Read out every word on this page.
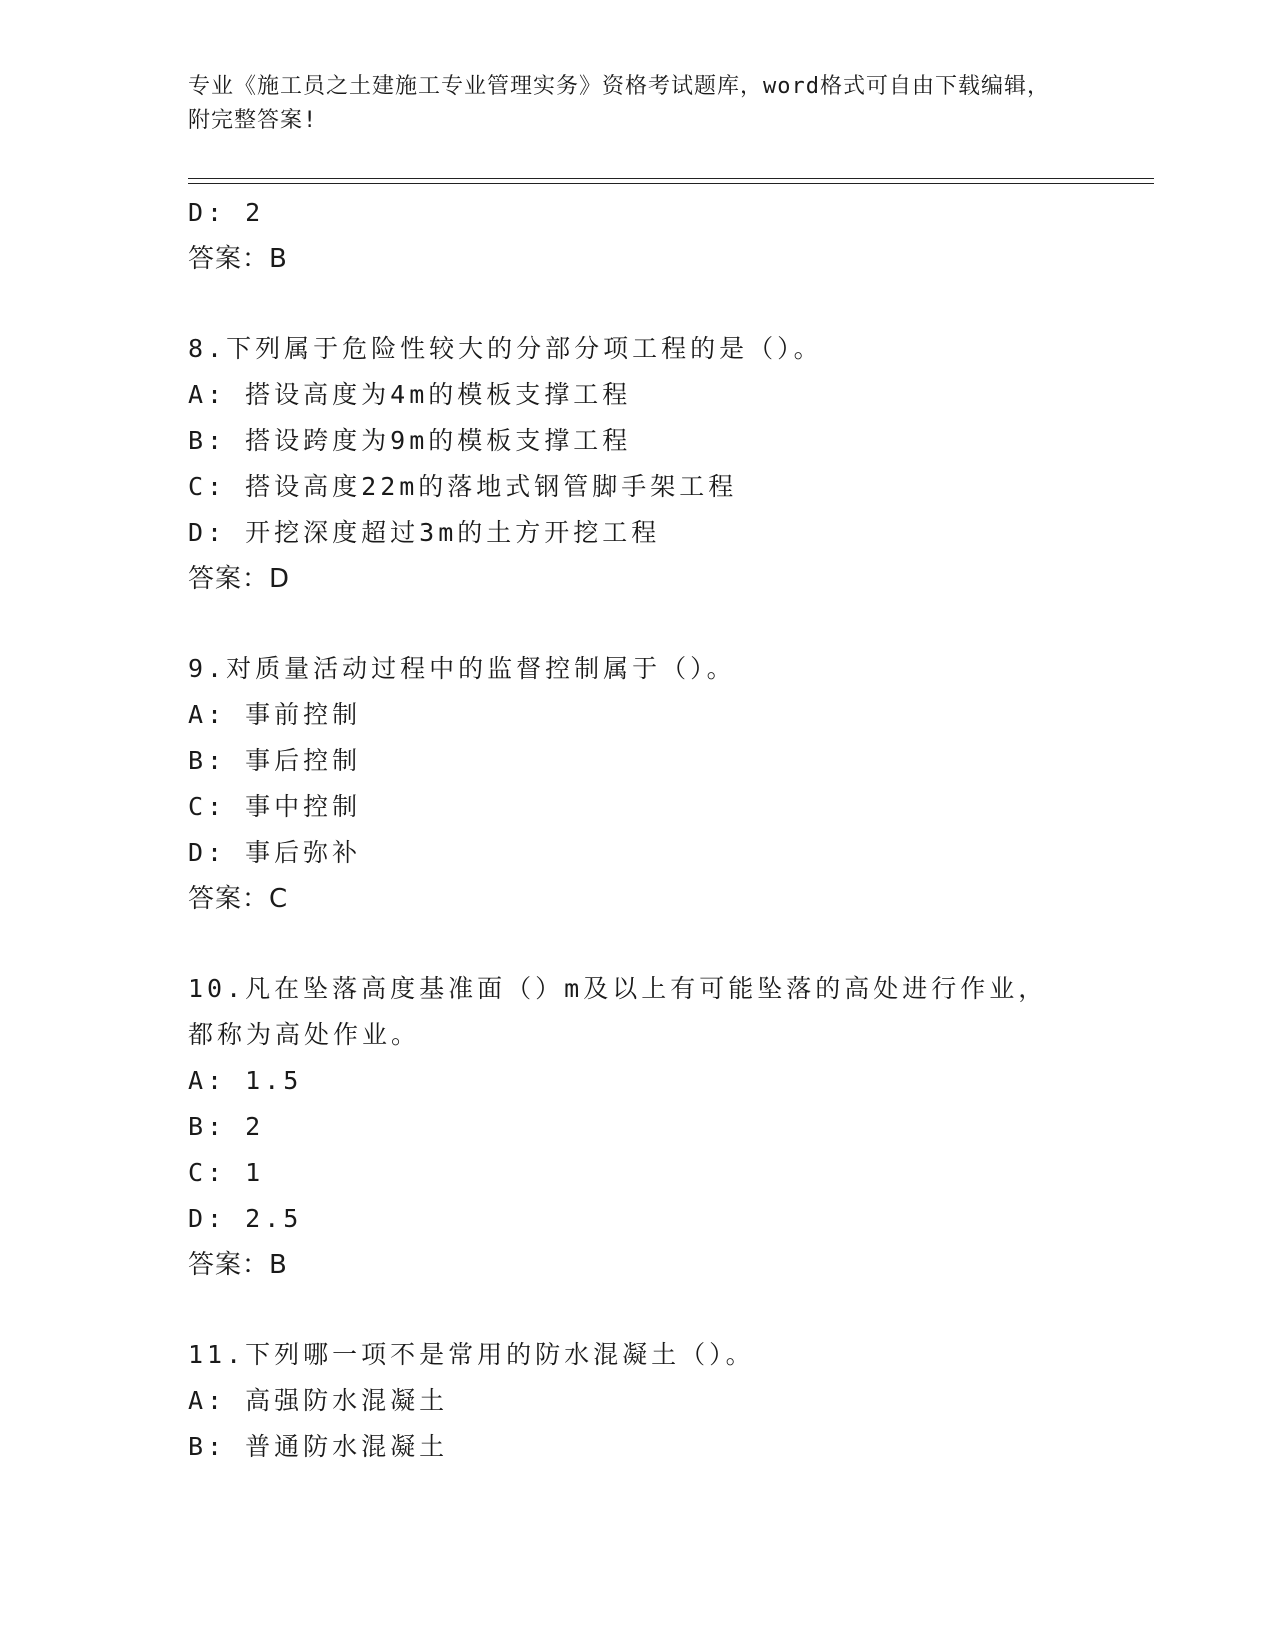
专业《施工员之土建施工专业管理实务》资格考试题库，word格式可自由下载编辑，附完整答案!
D: 2
答案：B
8.下列属于危险性较大的分部分项工程的是（）。
A: 搭设高度为4m的模板支撑工程
B: 搭设跨度为9m的模板支撑工程
C: 搭设高度22m的落地式钢管脚手架工程
D: 开挖深度超过3m的土方开挖工程
答案：D
9.对质量活动过程中的监督控制属于（）。
A: 事前控制
B: 事后控制
C: 事中控制
D: 事后弥补
答案：C
10.凡在坠落高度基准面（）m及以上有可能坠落的高处进行作业，都称为高处作业。
A: 1.5
B: 2
C: 1
D: 2.5
答案：B
11.下列哪一项不是常用的防水混凝土（）。
A: 高强防水混凝土
B: 普通防水混凝土
